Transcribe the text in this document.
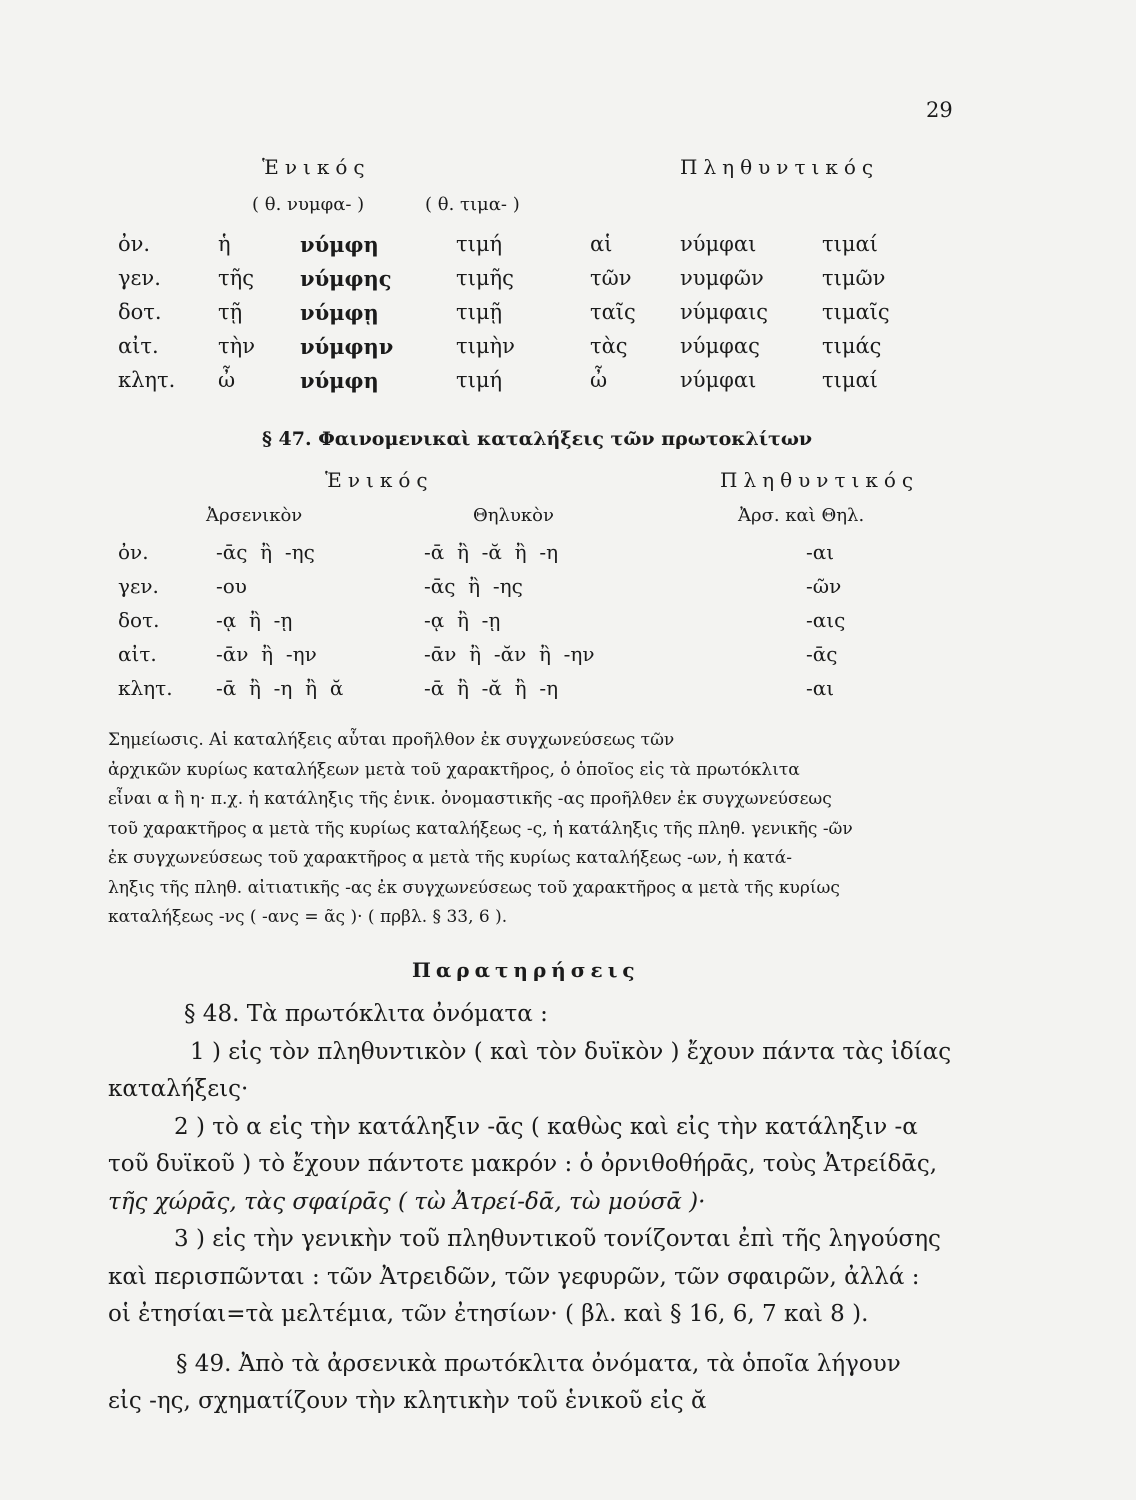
29
Ἑνικός	Πληθυντικός
( θ. νυμφα- )	( θ. τιμα- )
ὀν.	ἡ	νύμφη	τιμή	αἱ	νύμφαι	τιμαί
γεν.	τῆς νύμφης	τιμῆς	τῶν νυμφῶν	τιμῶν
δοτ.	τῇ	νύμφῃ	τιμῇ	ταῖς νύμφαις	τιμαῖς
αἰτ.	τὴν νύμφην	τιμὴν	τὰς νύμφας	τιμάς
κλητ. ὦ	νύμφη	τιμή	ὦ	νύμφαι	τιμαί
§ 47. Φαινομενικαὶ καταλήξεις τῶν πρωτοκλίτων
Ἑνικός	Πληθυντικός
Ἀρσενικὸν	Θηλυκὸν	Ἀρσ. καὶ Θηλ.
ὀν.	-ᾱς  ἢ  -ης	-ᾱ  ἢ  -ᾰ  ἢ  -η	-αι
γεν.	-ου	-ᾱς  ἢ  -ης	-ῶν
δοτ.	-ᾳ  ἢ  -ῃ	-ᾳ  ἢ  -ῃ	-αις
αἰτ.	-ᾱν  ἢ  -ην	-ᾱν  ἢ  -ᾰν  ἢ  -ην	-ᾱς
κλητ. -ᾱ  ἢ  -η  ἢ  ᾰ	-ᾱ  ἢ  -ᾰ  ἢ  -η	-αι

Σημείωσις. Αἱ καταλήξεις αὗται προῆλθον ἐκ συγχωνεύσεως τῶν

ἀρχικῶν κυρίως καταλήξεων μετὰ τοῦ χαρακτῆρος, ὁ ὁποῖος εἰς τὰ πρωτόκλιτα

εἶναι α ἢ η· π.χ. ἡ κατάληξις τῆς ἑνικ. ὀνομαστικῆς -ας προῆλθεν ἐκ συγχωνεύσεως

τοῦ χαρακτῆρος α μετὰ τῆς κυρίως καταλήξεως -ς, ἡ κατάληξις τῆς πληθ. γενικῆς -ῶν

ἐκ συγχωνεύσεως τοῦ χαρακτῆρος α μετὰ τῆς κυρίως καταλήξεως -ων, ἡ κατά-

ληξις τῆς πληθ. αἰτιατικῆς -ας ἐκ συγχωνεύσεως τοῦ χαρακτῆρος α μετὰ τῆς κυρίως

καταλήξεως -νς ( -ανς = ᾶς )· ( πρβλ. § 33, 6 ).

Παρατηρήσεις

§ 48. Τὰ πρωτόκλιτα ὀνόματα :

1 ) εἰς τὸν πληθυντικὸν ( καὶ τὸν δυϊκὸν ) ἔχουν πάντα τὰς ἰδίας

καταλήξεις·

2 ) τὸ α εἰς τὴν κατάληξιν -ᾱς ( καθὼς καὶ εἰς τὴν κατάληξιν -α

τοῦ δυϊκοῦ ) τὸ ἔχουν πάντοτε μακρόν : ὁ ὀρνιθοθήρᾱς, τοὺς Ἀτρείδᾱς,

τῆς χώρᾱς, τὰς σφαίρᾱς ( τὼ Ἀτρεί-δᾱ, τὼ μούσᾱ )·

3 ) εἰς τὴν γενικὴν τοῦ πληθυντικοῦ τονίζονται ἐπὶ τῆς ληγούσης

καὶ περισπῶνται : τῶν Ἀτρειδῶν, τῶν γεφυρῶν, τῶν σφαιρῶν, ἀλλά :

οἱ ἐτησίαι=τὰ μελτέμια, τῶν ἐτησίων· ( βλ. καὶ § 16, 6, 7 καὶ 8 ).

§ 49. Ἀπὸ τὰ ἀρσενικὰ πρωτόκλιτα ὀνόματα, τὰ ὁποῖα λήγουν

εἰς -ης, σχηματίζουν τὴν κλητικὴν τοῦ ἑνικοῦ εἰς ᾰ
